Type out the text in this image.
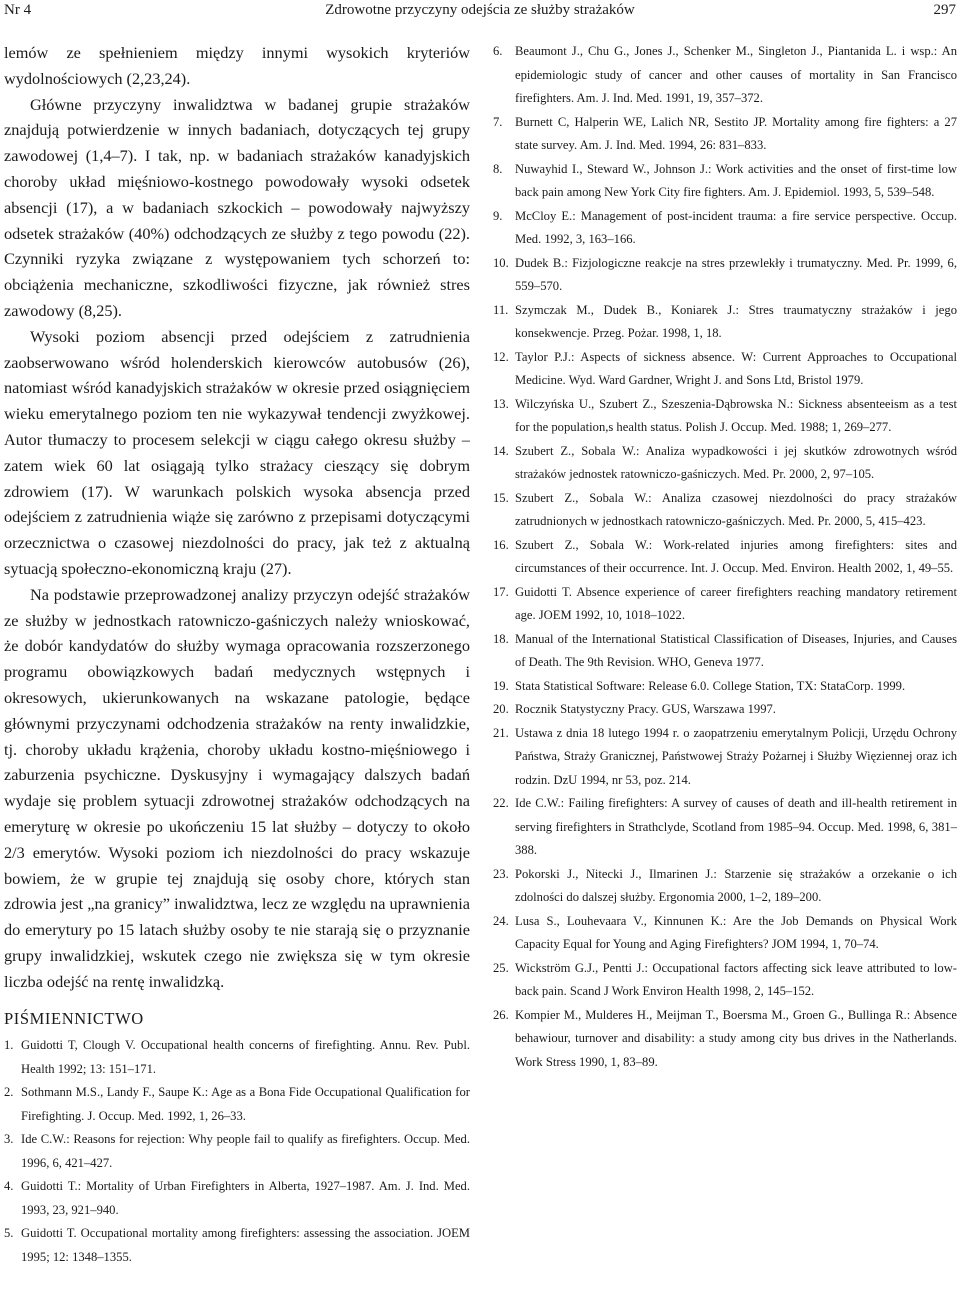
Zdrowotne przyczyny odejścia ze służby strażaków
Nr 4	297

lemów ze spełnieniem między innymi wysokich kryteriów wydolnościowych (2,23,24).

Główne przyczyny inwalidztwa w badanej grupie strażaków znajdują potwierdzenie w innych badaniach, dotyczących tej grupy zawodowej (1,4–7). I tak, np. w badaniach strażaków kanadyjskich choroby układ mięśniowo-kostnego powodowały wysoki odsetek absencji (17), a w badaniach szkockich – powodowały najwyższy odsetek strażaków (40%) odchodzących ze służby z tego powodu (22). Czynniki ryzyka związane z występowaniem tych schorzeń to: obciążenia mechaniczne, szkodliwości fizyczne, jak również stres zawodowy (8,25).

Wysoki poziom absencji przed odejściem z zatrudnienia zaobserwowano wśród holenderskich kierowców autobusów (26), natomiast wśród kanadyjskich strażaków w okresie przed osiągnięciem wieku emerytalnego poziom ten nie wykazywał tendencji zwyżkowej. Autor tłumaczy to procesem selekcji w ciągu całego okresu służby – zatem wiek 60 lat osiągają tylko strażacy cieszący się dobrym zdrowiem (17). W warunkach polskich wysoka absencja przed odejściem z zatrudnienia wiąże się zarówno z przepisami dotyczącymi orzecznictwa o czasowej niezdolności do pracy, jak też z aktualną sytuacją społeczno-ekonomiczną kraju (27).

Na podstawie przeprowadzonej analizy przyczyn odejść strażaków ze służby w jednostkach ratowniczo-gaśniczych należy wnioskować, że dobór kandydatów do służby wymaga opracowania rozszerzonego programu obowiązkowych badań medycznych wstępnych i okresowych, ukierunkowanych na wskazane patologie, będące głównymi przyczynami odchodzenia strażaków na renty inwalidzkie, tj. choroby układu krążenia, choroby układu kostno-mięśniowego i zaburzenia psychiczne. Dyskusyjny i wymagający dalszych badań wydaje się problem sytuacji zdrowotnej strażaków odchodzących na emeryturę w okresie po ukończeniu 15 lat służby – dotyczy to około 2/3 emerytów. Wysoki poziom ich niezdolności do pracy wskazuje bowiem, że w grupie tej znajdują się osoby chore, których stan zdrowia jest „na granicy” inwalidztwa, lecz ze względu na uprawnienia do emerytury po 15 latach służby osoby te nie starają się o przyznanie grupy inwalidzkiej, wskutek czego nie zwiększa się w tym okresie liczba odejść na rentę inwalidzką.

PIŚMIENNICTWO
1. Guidotti T, Clough V. Occupational health concerns of firefighting. Annu. Rev. Publ. Health 1992; 13: 151–171.
2. Sothmann M.S., Landy F., Saupe K.: Age as a Bona Fide Occupational Qualification for Firefighting. J. Occup. Med. 1992, 1, 26–33.
3. Ide C.W.: Reasons for rejection: Why people fail to qualify as firefighters. Occup. Med. 1996, 6, 421–427.
4. Guidotti T.: Mortality of Urban Firefighters in Alberta, 1927–1987. Am. J. Ind. Med. 1993, 23, 921–940.
5. Guidotti T. Occupational mortality among firefighters: assessing the association. JOEM 1995; 12: 1348–1355.
6. Beaumont J., Chu G., Jones J., Schenker M., Singleton J., Piantanida L. i wsp.: An epidemiologic study of cancer and other causes of mortality in San Francisco firefighters. Am. J. Ind. Med. 1991, 19, 357–372.
7. Burnett C, Halperin WE, Lalich NR, Sestito JP. Mortality among fire fighters: a 27 state survey. Am. J. Ind. Med. 1994, 26: 831–833.
8. Nuwayhid I., Steward W., Johnson J.: Work activities and the onset of first-time low back pain among New York City fire fighters. Am. J. Epidemiol. 1993, 5, 539–548.
9. McCloy E.: Management of post-incident trauma: a fire service perspective. Occup. Med. 1992, 3, 163–166.
10. Dudek B.: Fizjologiczne reakcje na stres przewlekły i trumatyczny. Med. Pr. 1999, 6, 559–570.
11. Szymczak M., Dudek B., Koniarek J.: Stres traumatyczny strażaków i jego konsekwencje. Przeg. Pożar. 1998, 1, 18.
12. Taylor P.J.: Aspects of sickness absence. W: Current Approaches to Occupational Medicine. Wyd. Ward Gardner, Wright J. and Sons Ltd, Bristol 1979.
13. Wilczyńska U., Szubert Z., Szeszenia-Dąbrowska N.: Sickness absenteeism as a test for the population,s health status. Polish J. Occup. Med. 1988; 1, 269–277.
14. Szubert Z., Sobala W.: Analiza wypadkowości i jej skutków zdrowotnych wśród strażaków jednostek ratowniczo-gaśniczych. Med. Pr. 2000, 2, 97–105.
15. Szubert Z., Sobala W.: Analiza czasowej niezdolności do pracy strażaków zatrudnionych w jednostkach ratowniczo-gaśniczych. Med. Pr. 2000, 5, 415–423.
16. Szubert Z., Sobala W.: Work-related injuries among firefighters: sites and circumstances of their occurrence. Int. J. Occup. Med. Environ. Health 2002, 1, 49–55.
17. Guidotti T. Absence experience of career firefighters reaching mandatory retirement age. JOEM 1992, 10, 1018–1022.
18. Manual of the International Statistical Classification of Diseases, Injuries, and Causes of Death. The 9th Revision. WHO, Geneva 1977.
19. Stata Statistical Software: Release 6.0. College Station, TX: StataCorp. 1999.
20. Rocznik Statystyczny Pracy. GUS, Warszawa 1997.
21. Ustawa z dnia 18 lutego 1994 r. o zaopatrzeniu emerytalnym Policji, Urzędu Ochrony Państwa, Straży Granicznej, Państwowej Straży Pożarnej i Służby Więziennej oraz ich rodzin. DzU 1994, nr 53, poz. 214.
22. Ide C.W.: Failing firefighters: A survey of causes of death and ill-health retirement in serving firefighters in Strathclyde, Scotland from 1985–94. Occup. Med. 1998, 6, 381–388.
23. Pokorski J., Nitecki J., Ilmarinen J.: Starzenie się strażaków a orzekanie o ich zdolności do dalszej służby. Ergonomia 2000, 1–2, 189–200.
24. Lusa S., Louhevaara V., Kinnunen K.: Are the Job Demands on Physical Work Capacity Equal for Young and Aging Firefighters? JOM 1994, 1, 70–74.
25. Wickström G.J., Pentti J.: Occupational factors affecting sick leave attributed to low-back pain. Scand J Work Environ Health 1998, 2, 145–152.
26. Kompier M., Mulderes H., Meijman T., Boersma M., Groen G., Bullinga R.: Absence behawiour, turnover and disability: a study among city bus drives in the Natherlands. Work Stress 1990, 1, 83–89.
